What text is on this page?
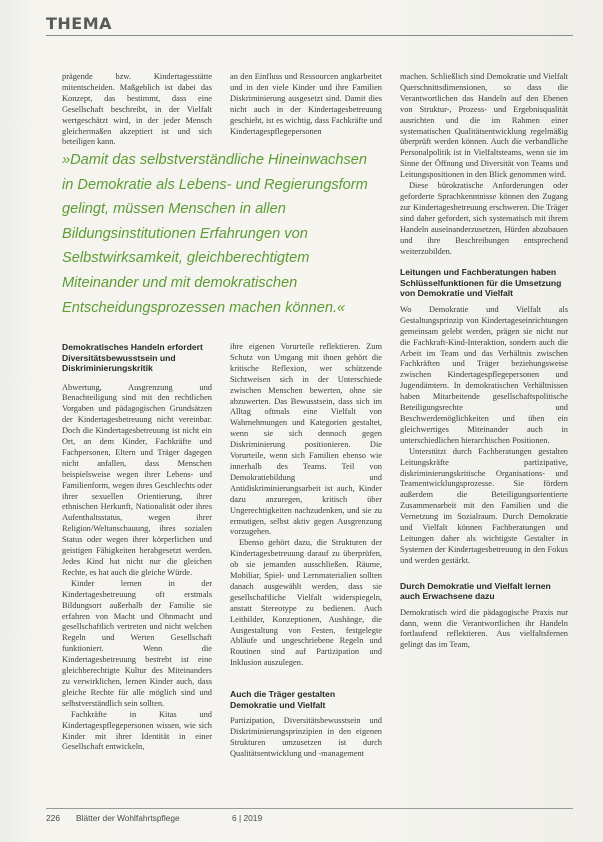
THEMA

prägende bzw. Kindertagesstätte mitentscheiden. Maßgeblich ist dabei das Konzept, das bestimmt, dass eine Gesellschaft beschreibt, in der Vielfalt wertgeschätzt wird, in der jeder Mensch gleichermaßen akzeptiert ist und sich beteiligen kann.

an den Einfluss und Ressourcen angkarbeitet und in den viele Kinder und ihre Familien Diskriminierung ausgesetzt sind. Damit dies nicht auch in der Kindertagesbetreuung geschieht, ist es wichtig, dass Fachkräfte und Kindertagespflegepersonen

»Damit das selbstverständliche Hineinwachsen in Demokratie als Lebens- und Regierungsform gelingt, müssen Menschen in allen Bildungsinstitutionen Erfahrungen von Selbstwirksamkeit, gleichberechtigtem Miteinander und mit demokratischen Entscheidungsprozessen machen können.«

machen. Schließlich sind Demokratie und Vielfalt Querschnittsdimensionen, so dass die Verantwortlichen das Handeln auf den Ebenen von Struktur-, Prozess- und Ergebnisqualität ausrichten und die im Rahmen einer systematischen Qualitätsentwicklung regelmäßig überprüft werden können. Auch die verbandliche Personalpolitik ist in Vielfaltsteams, wenn sie im Sinne der Öffnung und Diversität von Teams und Leitungspositionen in den Blick genommen wird.

Diese bürokratische Anforderungen oder geforderte Sprachkenntnisse können den Zugang zur Kindertagesbetreuung erschweren. Die Träger sind daher gefordert, sich systematisch mit ihrem Handeln auseinanderzusetzen, Hürden abzubauen und ihre Beschreibungen entsprechend weiterzubilden.

Leitungen und Fachberatungen haben Schlüsselfunktionen für die Umsetzung von Demokratie und Vielfalt

Wo Demokratie und Vielfalt als Gestaltungsprinzip von Kindertageseinrichtungen gemeinsam gelebt werden, prägen sie nicht nur die Fachkraft-Kind-Interaktion, sondern auch die Arbeit im Team und das Verhältnis zwischen Fachkräften und Träger beziehungsweise zwischen Kindertagespflegepersonen und Jugendämtern. In demokratischen Verhältnissen haben Mitarbeitende gesellschaftspolitische Beteiligungsrechte und Beschwerdemöglichkeiten und üben ein gleichwertiges Miteinander auch in unterschiedlichen hierarchischen Positionen.

Unterstützt durch Fachberatungen gestalten Leitungskräfte partizipative, diskriminierungskritische Organisations- und Teamentwicklungsprozesse. Sie fördern außerdem die Beteiligungsorientierte Zusammenarbeit mit den Familien und die Vernetzung im Sozialraum. Durch Demokratie und Vielfalt können Fachberatungen und Leitungen daher als wichtigste Gestalter in Systemen der Kindertagesbetreuung in den Fokus und werden gestärkt.

Durch Demokratie und Vielfalt lernen auch Erwachsene dazu

Demokratisch wird die pädagogische Praxis nur dann, wenn die Verantwortlichen ihr Handeln fortlaufend reflektieren. Aus vielfaltsfernen gelingt das im Team,

Demokratisches Handeln erfordert Diversitätsbewusstsein und Diskriminierungskritik

Abwertung, Ausgrenzung und Benachteiligung sind mit den rechtlichen Vorgaben und pädagogischen Grundsätzen der Kindertagesbetreuung nicht vereinbar. Doch die Kindertagesbetreuung ist nicht ein Ort, an dem Kinder, Fachkräfte und Fachpersonen, Eltern und Träger dagegen nicht anfallen, dass Menschen beispielsweise wegen ihrer Lebens- und Familienform, wegen ihres Geschlechts oder ihrer sexuellen Orientierung, ihrer ethnischen Herkunft, Nationalität oder ihres Aufenthaltsstatus, wegen ihrer Religion/Weltanschauung, ihres sozialen Status oder wegen ihrer körperlichen und geistigen Fähigkeiten herabgesetzt werden. Jedes Kind hat nicht nur die gleichen Rechte, es hat auch die gleiche Würde.

Kinder lernen in der Kindertagesbetreuung oft erstmals Bildungsort außerhalb der Familie sie erfahren von Macht und Ohnmacht und gesellschaftlich vertreten und nicht welchen Regeln und Werten Gesellschaft funktioniert. Wenn die Kindertagesbetreuung bestrebt ist eine gleichberechtigte Kultur des Miteinanders zu verwirklichen, lernen Kinder auch, dass gleiche Rechte für alle möglich sind und selbstverständlich sein sollten.

Fachkräfte in Kitas und Kindertagespflegepersonen wissen, wie sich Kinder mit ihrer Identität in einer Gesellschaft entwickeln,

ihre eigenen Vorurteile reflektieren. Zum Schutz von Umgang mit ihnen gehört die kritische Reflexion, wer schützende Sichtweisen sich in der Unterschiede zwischen Menschen bewerten, ohne sie abzuwerten. Das Bewusstsein, dass sich im Alltag oftmals eine Vielfalt von Wahrnehmungen und Kategorien gestaltet, wenn sie sich dennoch gegen Diskriminierung positionieren. Die Vorurteile, wenn sich Familien ebenso wie innerhalb des Teams. Teil von Demokratiebildung und Antidiskriminierungsarbeit ist auch, Kinder dazu anzuregen, kritisch über Ungerechtigkeiten nachzudenken, und sie zu ermutigen, selbst aktiv gegen Ausgrenzung vorzugehen.

Ebenso gehört dazu, die Strukturen der Kindertagesbetreuung darauf zu überprüfen, ob sie jemanden ausschließen. Räume, Mobiliar, Spiel- und Lernmaterialien sollten danach ausgewählt werden, dass sie gesellschaftliche Vielfalt widerspiegeln, anstatt Stereotype zu bedienen. Auch Leitbilder, Konzeptionen, Aushänge, die Ausgestaltung von Festen, festgelegte Abläufe und ungeschriebene Regeln und Routinen sind auf Partizipation und Inklusion auszulegen.

Auch die Träger gestalten Demokratie und Vielfalt

Partizipation, Diversitätsbewusstsein und Diskriminierungsprinzipien in den eigenen Strukturen umzusetzen ist durch Qualitätsentwicklung und -management

226 Blätter der Wohlfahrtspflege	6 | 2019
